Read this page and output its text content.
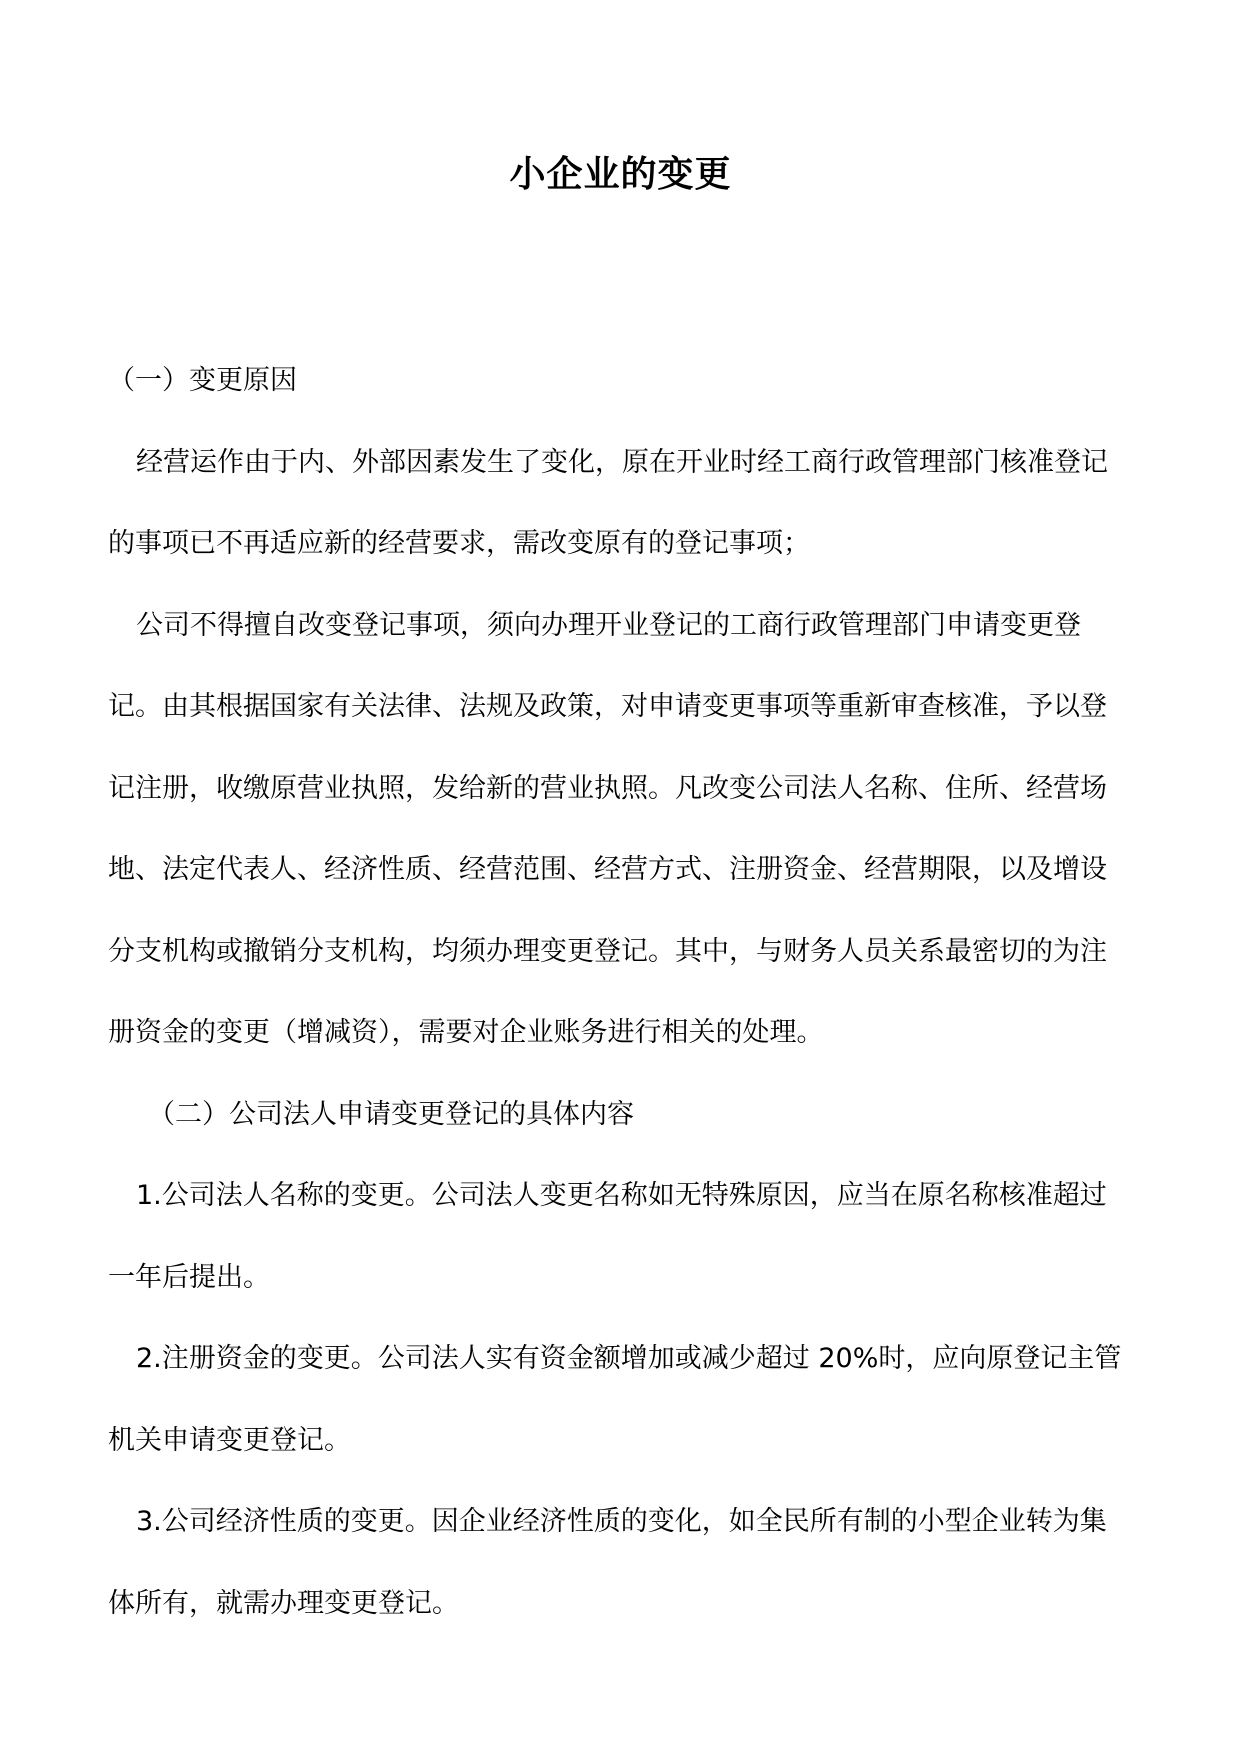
小企业的变更

（一）变更原因

经营运作由于内、外部因素发生了变化，原在开业时经工商行政管理部门核准登记的事项已不再适应新的经营要求，需改变原有的登记事项；

公司不得擅自改变登记事项，须向办理开业登记的工商行政管理部门申请变更登记。由其根据国家有关法律、法规及政策，对申请变更事项等重新审查核准，予以登记注册，收缴原营业执照，发给新的营业执照。凡改变公司法人名称、住所、经营场地、法定代表人、经济性质、经营范围、经营方式、注册资金、经营期限，以及增设分支机构或撤销分支机构，均须办理变更登记。其中，与财务人员关系最密切的为注册资金的变更（增减资），需要对企业账务进行相关的处理。

（二）公司法人申请变更登记的具体内容

1.公司法人名称的变更。公司法人变更名称如无特殊原因，应当在原名称核准超过一年后提出。

2.注册资金的变更。公司法人实有资金额增加或减少超过 20%时，应向原登记主管机关申请变更登记。

3.公司经济性质的变更。因企业经济性质的变化，如全民所有制的小型企业转为集体所有，就需办理变更登记。
